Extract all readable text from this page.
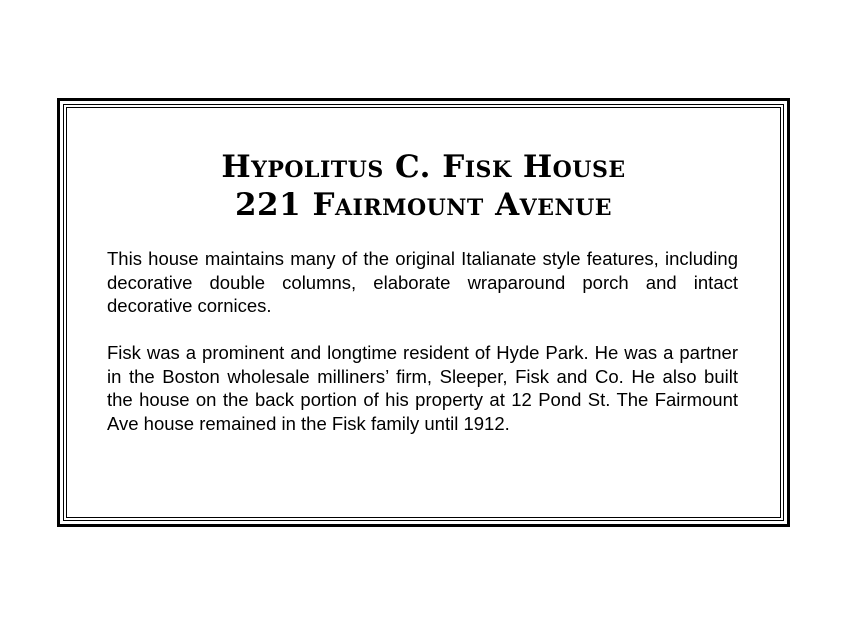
Hypolitus C. Fisk House
221 Fairmount Avenue

This house maintains many of the original Italianate style features, including decorative double columns, elaborate wraparound porch and intact decorative cornices.

Fisk was a prominent and longtime resident of Hyde Park. He was a partner in the Boston wholesale milliners’ firm, Sleeper, Fisk and Co. He also built the house on the back portion of his property at 12 Pond St. The Fairmount Ave house remained in the Fisk family until 1912.
